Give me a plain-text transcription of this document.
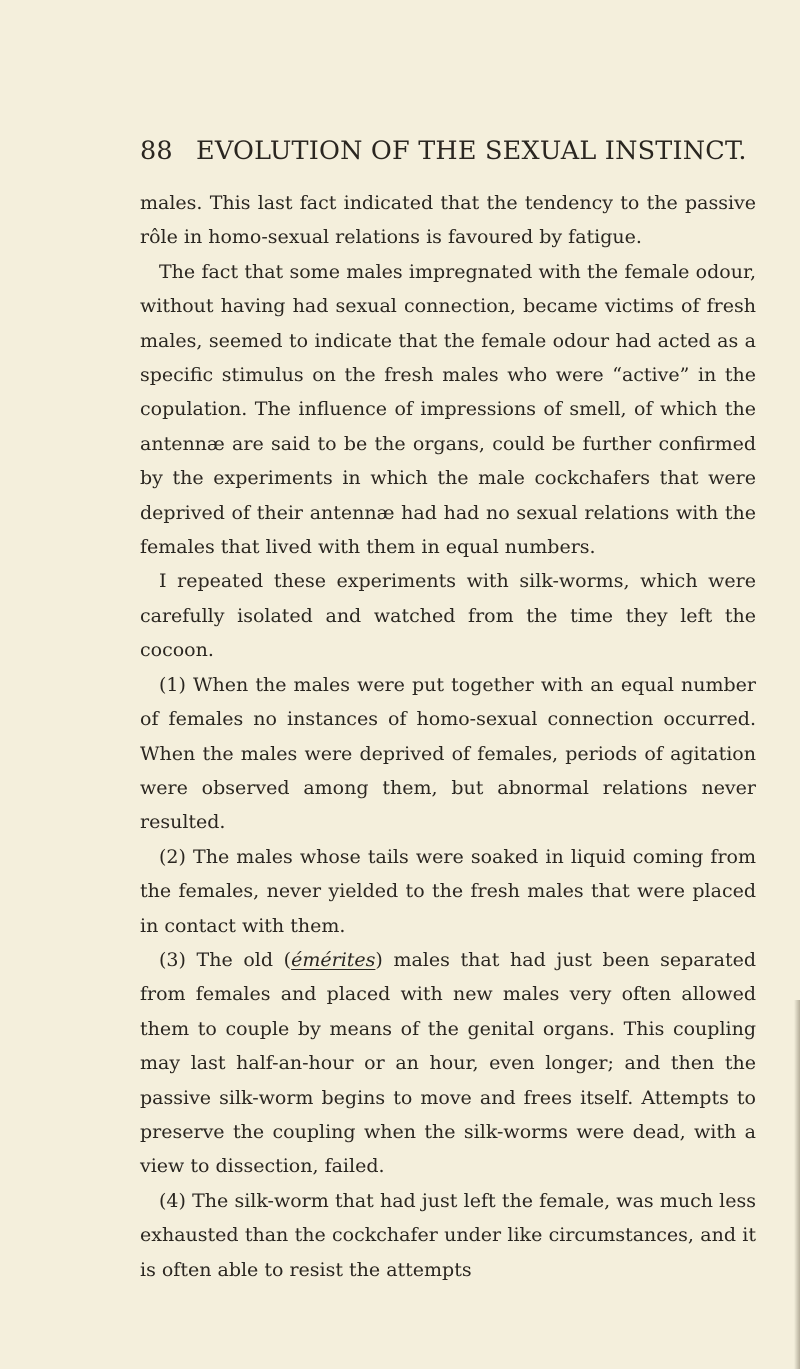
88 EVOLUTION OF THE SEXUAL INSTINCT.

males. This last fact indicated that the tendency to the passive rôle in homo-sexual relations is favoured by fatigue.

The fact that some males impregnated with the female odour, without having had sexual connection, became victims of fresh males, seemed to indicate that the female odour had acted as a specific stimulus on the fresh males who were “active” in the copulation. The influence of impressions of smell, of which the antennæ are said to be the organs, could be further confirmed by the experiments in which the male cockchafers that were deprived of their antennæ had had no sexual relations with the females that lived with them in equal numbers.

I repeated these experiments with silk-worms, which were carefully isolated and watched from the time they left the cocoon.

(1) When the males were put together with an equal number of females no instances of homo-sexual connection occurred. When the males were deprived of females, periods of agitation were observed among them, but abnormal relations never resulted.

(2) The males whose tails were soaked in liquid coming from the females, never yielded to the fresh males that were placed in contact with them.

(3) The old (émérites) males that had just been separated from females and placed with new males very often allowed them to couple by means of the genital organs. This coupling may last half-an-hour or an hour, even longer; and then the passive silk-worm begins to move and frees itself. Attempts to preserve the coupling when the silk-worms were dead, with a view to dissection, failed.

(4) The silk-worm that had just left the female, was much less exhausted than the cockchafer under like circumstances, and it is often able to resist the attempts
